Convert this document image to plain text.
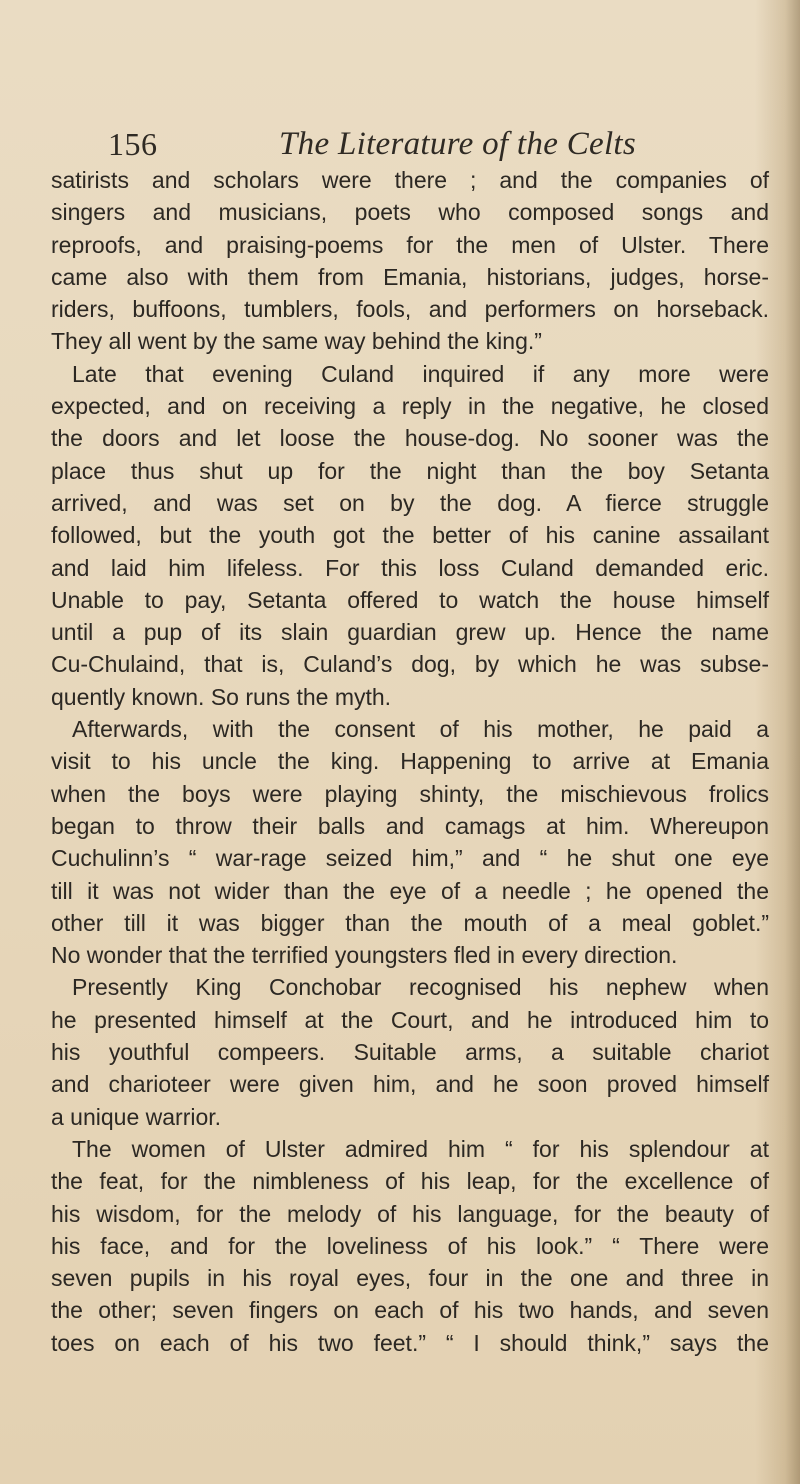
156	The Literature of the Celts
satirists and scholars were there ; and the companies of
singers and musicians, poets who composed songs and
reproofs, and praising-poems for the men of Ulster. There
came also with them from Emania, historians, judges, horse-
riders, buffoons, tumblers, fools, and performers on horseback.
They all went by the same way behind the king.”
Late that evening Culand inquired if any more were
expected, and on receiving a reply in the negative, he closed
the doors and let loose the house-dog. No sooner was the
place thus shut up for the night than the boy Setanta
arrived, and was set on by the dog. A fierce struggle
followed, but the youth got the better of his canine assailant
and laid him lifeless. For this loss Culand demanded eric.
Unable to pay, Setanta offered to watch the house himself
until a pup of its slain guardian grew up. Hence the name
Cu-Chulaind, that is, Culand’s dog, by which he was subse-
quently known. So runs the myth.
Afterwards, with the consent of his mother, he paid a
visit to his uncle the king. Happening to arrive at Emania
when the boys were playing shinty, the mischievous frolics
began to throw their balls and camags at him. Whereupon
Cuchulinn’s “ war-rage seized him,” and “ he shut one eye
till it was not wider than the eye of a needle ; he opened the
other till it was bigger than the mouth of a meal goblet.”
No wonder that the terrified youngsters fled in every direction.
Presently King Conchobar recognised his nephew when
he presented himself at the Court, and he introduced him to
his youthful compeers. Suitable arms, a suitable chariot
and charioteer were given him, and he soon proved himself
a unique warrior.
The women of Ulster admired him “ for his splendour at
the feat, for the nimbleness of his leap, for the excellence of
his wisdom, for the melody of his language, for the beauty of
his face, and for the loveliness of his look.” “ There were
seven pupils in his royal eyes, four in the one and three in
the other; seven fingers on each of his two hands, and seven
toes on each of his two feet.” “ I should think,” says the
